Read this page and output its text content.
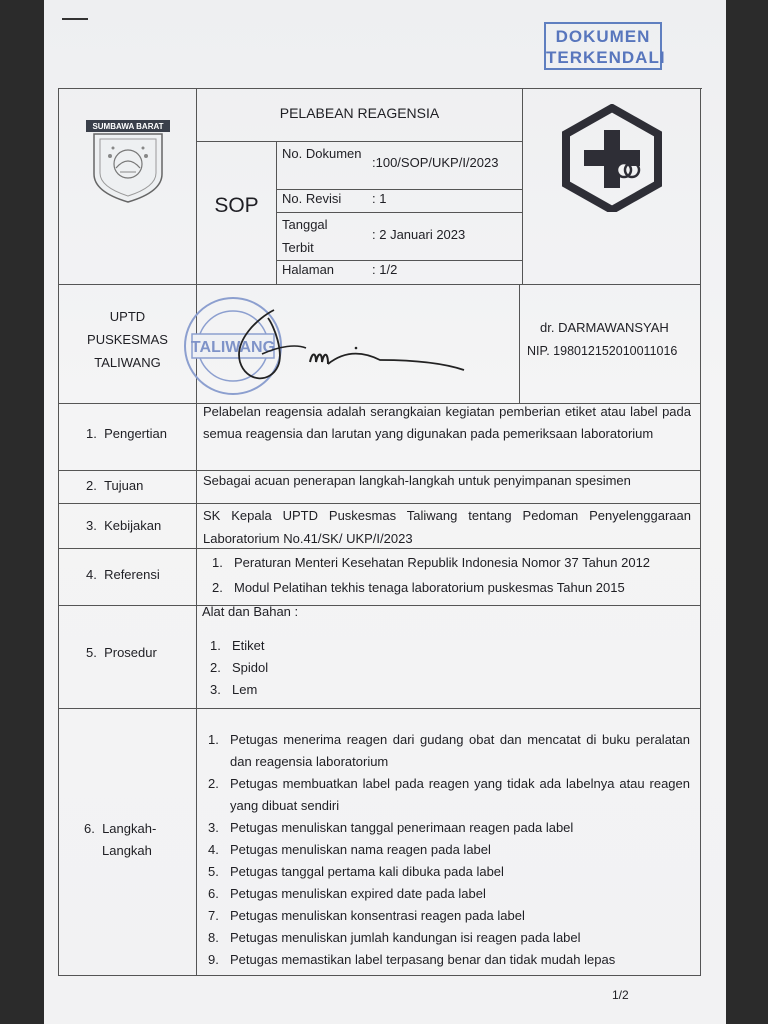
DOKUMEN
TERKENDALI
SUMBAWA BARAT
PELABEAN REAGENSIA
SOP
No. Dokumen
:100/SOP/UKP/I/2023
No. Revisi : 1
Tanggal Terbit
: 2 Januari 2023
Halaman	: 1/2
UPTD
PUSKESMAS
TALIWANG
dr. DARMAWANSYAH
NIP. 198012152010011016
TALIWANG
1. Pengertian
2. Tujuan
3. Kebijakan
4. Referensi
5. Prosedur
6. Langkah-
Langkah
Pelabelan reagensia adalah serangkaian kegiatan pemberian etiket atau label pada semua reagensia dan larutan yang digunakan pada pemeriksaan laboratorium
Sebagai acuan penerapan langkah-langkah untuk penyimpanan spesimen
SK Kepala UPTD Puskesmas Taliwang tentang Pedoman Penyelenggaraan Laboratorium No.41/SK/ UKP/I/2023
1. Peraturan Menteri Kesehatan Republik Indonesia Nomor 37 Tahun 2012
2. Modul Pelatihan tekhis tenaga laboratorium puskesmas Tahun 2015
Alat dan Bahan :
1. Etiket
2. Spidol
3. Lem
1. Petugas menerima reagen dari gudang obat dan mencatat di buku peralatan dan reagensia laboratorium
2. Petugas membuatkan label pada reagen yang tidak ada labelnya atau reagen yang dibuat sendiri
3. Petugas menuliskan tanggal penerimaan reagen pada label
4. Petugas menuliskan nama reagen pada label
5. Petugas tanggal pertama kali dibuka pada label
6. Petugas menuliskan expired date pada label
7. Petugas menuliskan konsentrasi reagen pada label
8. Petugas menuliskan jumlah kandungan isi reagen pada label
9. Petugas memastikan label terpasang benar dan tidak mudah lepas
1/2
